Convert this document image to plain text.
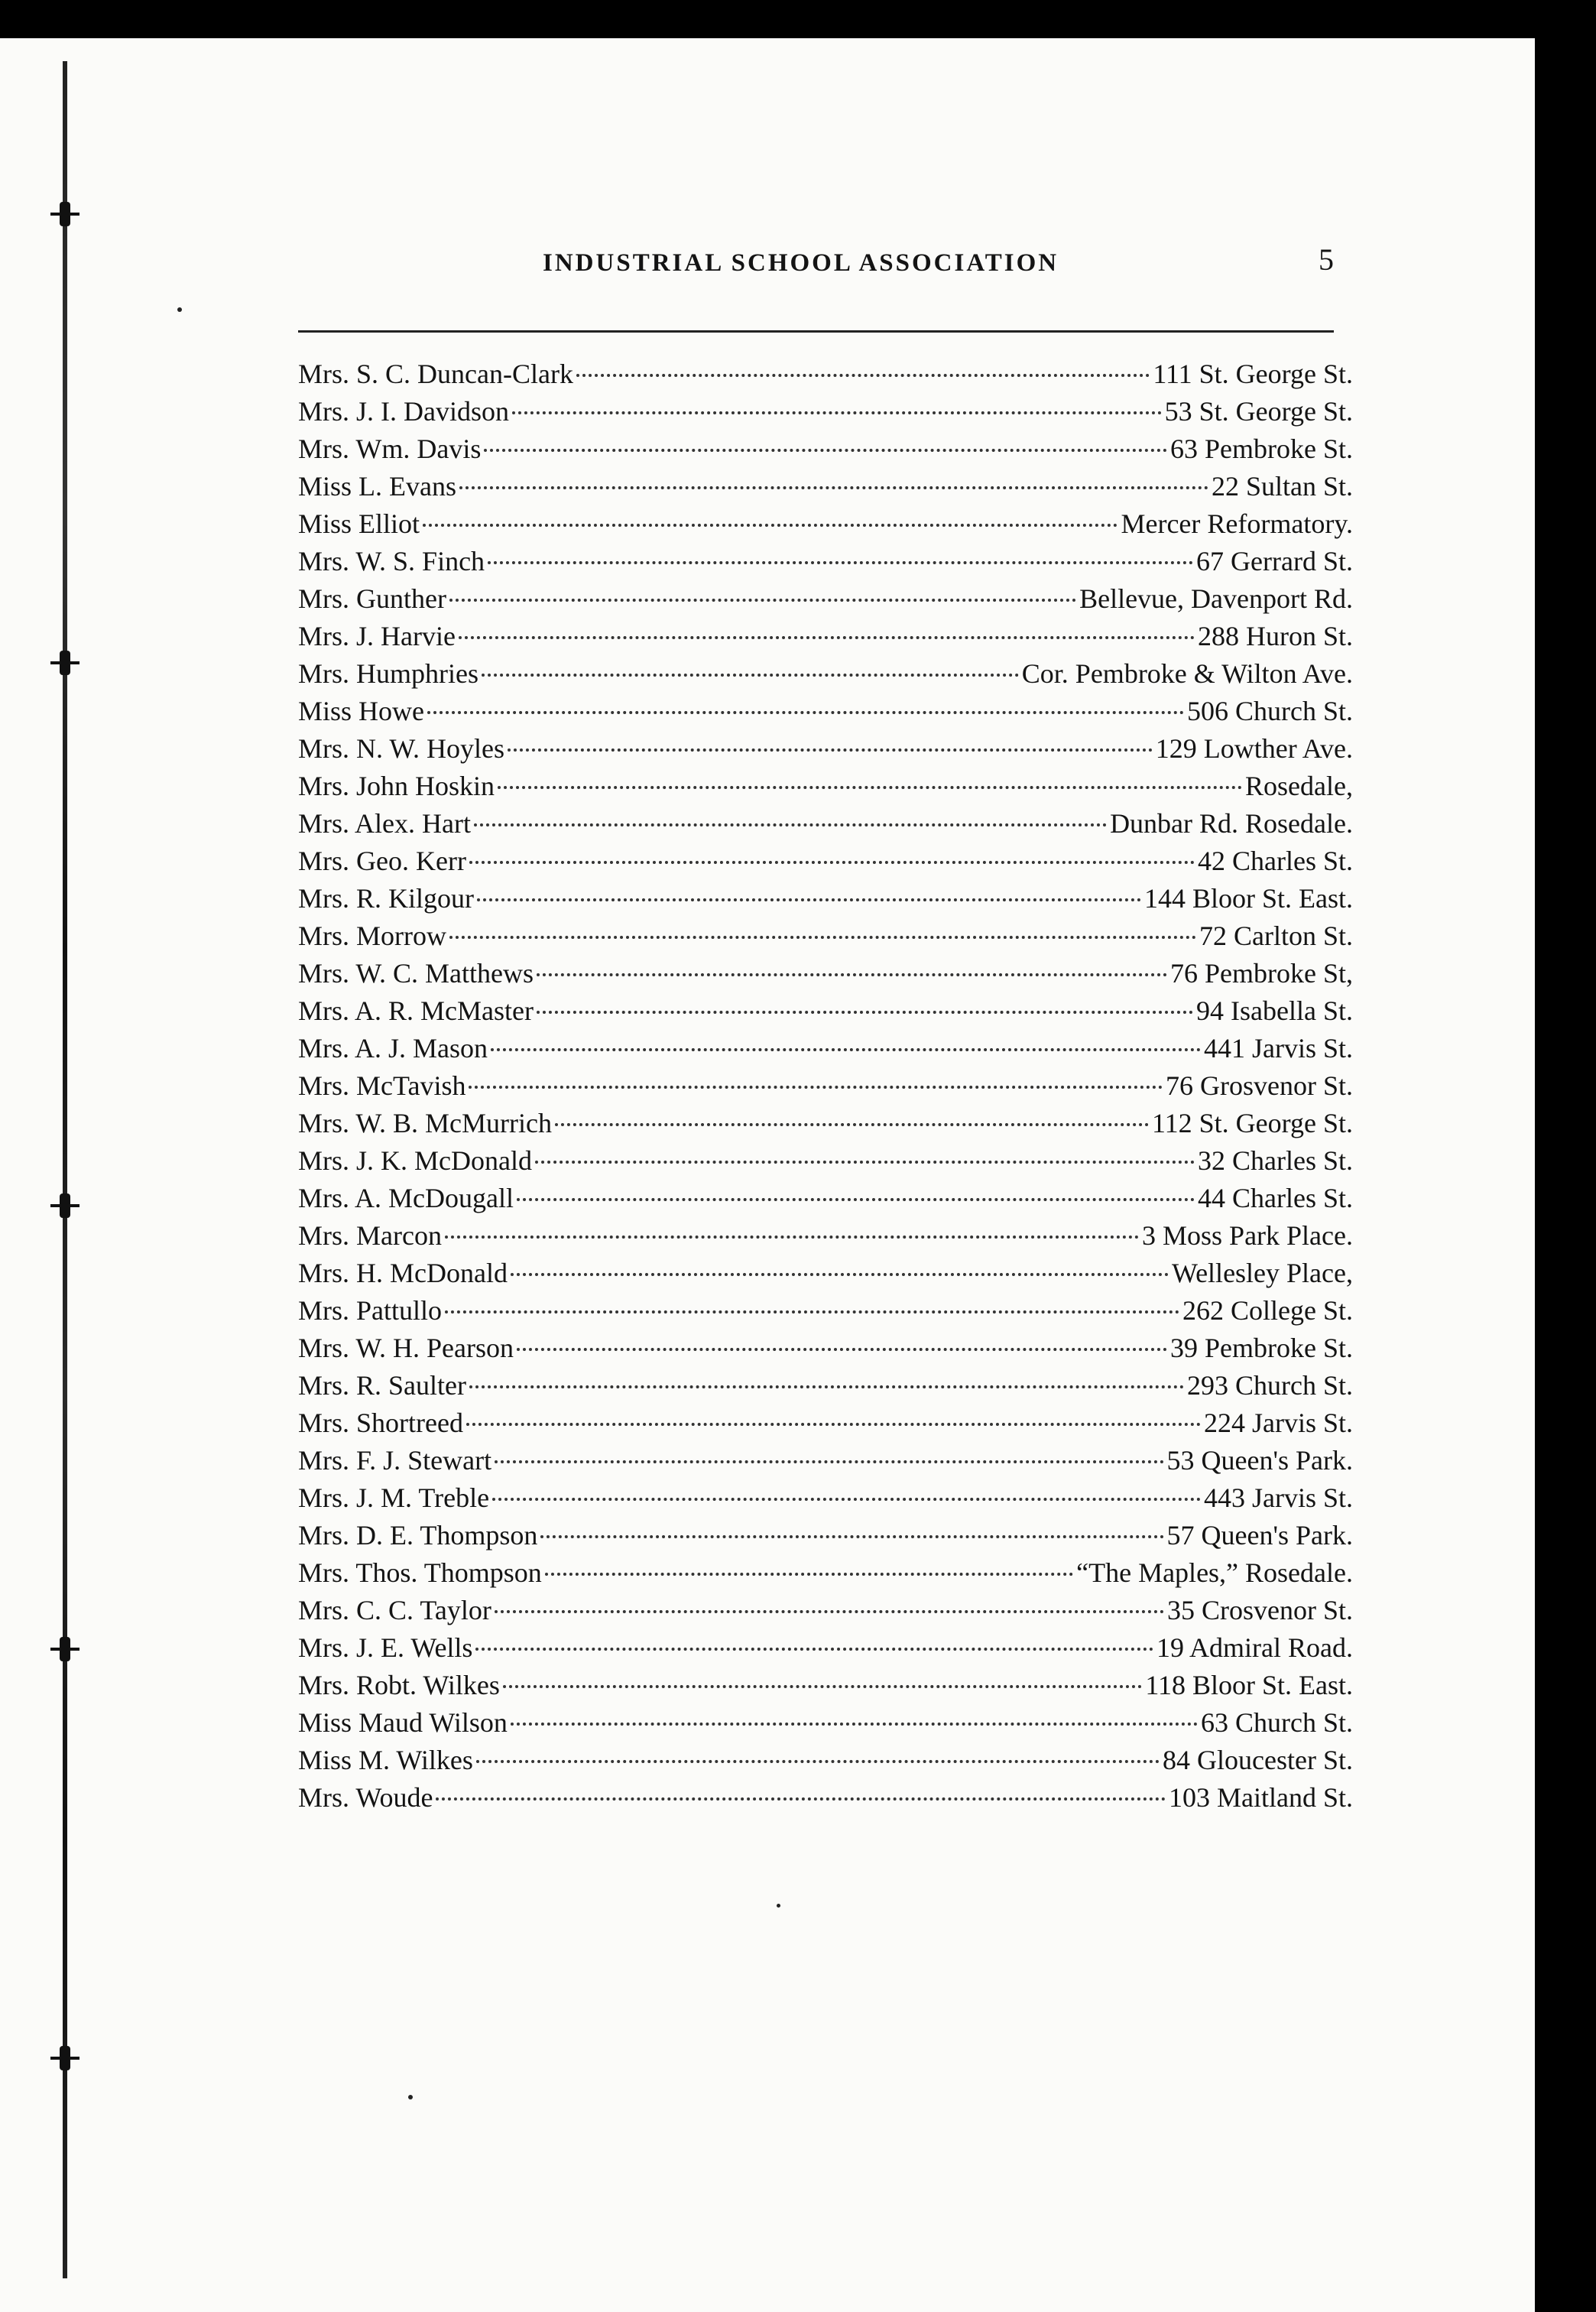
INDUSTRIAL SCHOOL ASSOCIATION	5
Mrs. S. C. Duncan-Clark	111 St. George St.
Mrs. J. I. Davidson	53 St. George St.
Mrs. Wm. Davis	63 Pembroke St.
Miss L. Evans	22 Sultan St.
Miss Elliot	Mercer Reformatory.
Mrs. W. S. Finch	67 Gerrard St.
Mrs. Gunther	Bellevue, Davenport Rd.
Mrs. J. Harvie	288 Huron St.
Mrs. Humphries	Cor. Pembroke & Wilton Ave.
Miss Howe	506 Church St.
Mrs. N. W. Hoyles	129 Lowther Ave.
Mrs. John Hoskin	Rosedale,
Mrs. Alex. Hart	Dunbar Rd. Rosedale.
Mrs. Geo. Kerr	42 Charles St.
Mrs. R. Kilgour	144 Bloor St. East.
Mrs. Morrow	72 Carlton St.
Mrs. W. C. Matthews	76 Pembroke St,
Mrs. A. R. McMaster	94 Isabella St.
Mrs. A. J. Mason	441 Jarvis St.
Mrs. McTavish	76 Grosvenor St.
Mrs. W. B. McMurrich	112 St. George St.
Mrs. J. K. McDonald	32 Charles St.
Mrs. A. McDougall	44 Charles St.
Mrs. Marcon	3 Moss Park Place.
Mrs. H. McDonald	Wellesley Place,
Mrs. Pattullo	262 College St.
Mrs. W. H. Pearson	39 Pembroke St.
Mrs. R. Saulter	293 Church St.
Mrs. Shortreed	224 Jarvis St.
Mrs. F. J. Stewart	53 Queen's Park.
Mrs. J. M. Treble	443 Jarvis St.
Mrs. D. E. Thompson	57 Queen's Park.
Mrs. Thos. Thompson	“The Maples,” Rosedale.
Mrs. C. C. Taylor	35 Crosvenor St.
Mrs. J. E. Wells	19 Admiral Road.
Mrs. Robt. Wilkes	118 Bloor St. East.
Miss Maud Wilson	63 Church St.
Miss M. Wilkes	84 Gloucester St.
Mrs. Woude	103 Maitland St.
